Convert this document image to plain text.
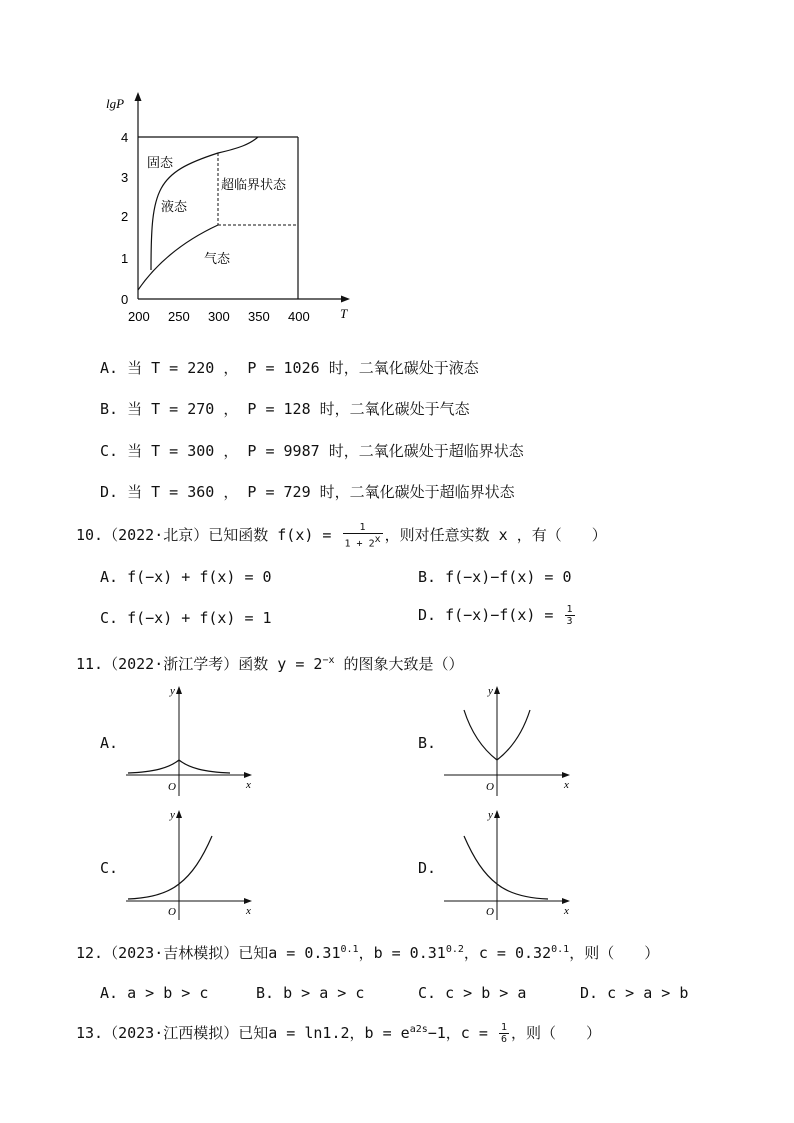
lgP
T
4
3
2
1
0
200 250 300 350 400
固态
液态
超临界状态
气态
A. 当 T = 220 ， P = 1026 时，二氧化碳处于液态
B. 当 T = 270 ， P = 128 时，二氧化碳处于气态
C. 当 T = 300 ， P = 9987 时，二氧化碳处于超临界状态
D. 当 T = 360 ， P = 729 时，二氧化碳处于超临界状态
10.（2022·北京）已知函数 $f(x) = \frac{1}{1 + 2^x}$ ，则对任意实数 x ，有（　　）
A. f(−x) + f(x) = 0	B. f(−x)−f(x) = 0
C. f(−x) + f(x) = 1	D. $f(-x)-f(x) = \frac{1}{3}$
11.（2022·浙江学考）函数 $y = 2^{-x}$ 的图象大致是（）
A.	B.
C.	D.
y
x
O
y
x
O
y
x
O
y
x
O
12.（2023·吉林模拟）已知$a = 0.31^{0.1}$，$b = 0.31^{0.2}$，$c = 0.32^{0.1}$，则（　　）
A. a > b > c	B. b > a > c	C. c > b > a	D. c > a > b
13.（2023·江西模拟）已知a = ln1.2，$b = e^{a2s}-1$，$c = \frac{1}{6}$ ，则（　　）
